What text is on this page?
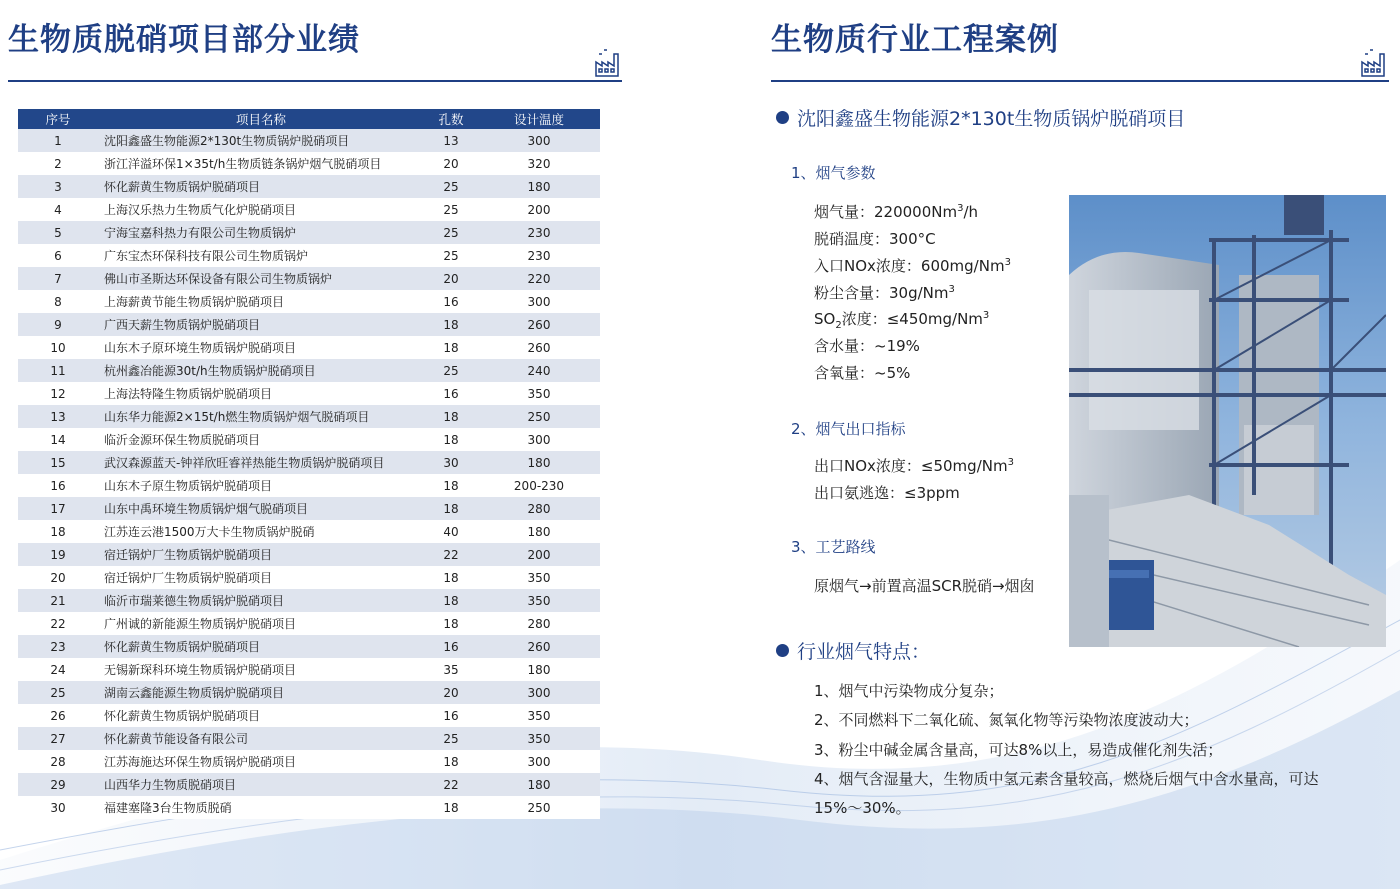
生物质脱硝项目部分业绩
序号	项目名称	孔数	设计温度
1	沈阳鑫盛生物能源2*130t生物质锅炉脱硝项目	13	300
2	浙江洋溢环保1×35t/h生物质链条锅炉烟气脱硝项目	20	320
3	怀化薪黄生物质锅炉脱硝项目	25	180
4	上海汉乐热力生物质气化炉脱硝项目	25	200
5	宁海宝嘉科热力有限公司生物质锅炉	25	230
6	广东宝杰环保科技有限公司生物质锅炉	25	230
7	佛山市圣斯达环保设备有限公司生物质锅炉	20	220
8	上海薪黄节能生物质锅炉脱硝项目	16	300
9	广西天薪生物质锅炉脱硝项目	18	260
10	山东木子原环境生物质锅炉脱硝项目	18	260
11	杭州鑫冶能源30t/h生物质锅炉脱硝项目	25	240
12	上海法特隆生物质锅炉脱硝项目	16	350
13	山东华力能源2×15t/h燃生物质锅炉烟气脱硝项目	18	250
14	临沂金源环保生物质脱硝项目	18	300
15	武汉森源蓝天-钟祥欣旺睿祥热能生物质锅炉脱硝项目	30	180
16	山东木子原生物质锅炉脱硝项目	18	200-230
17	山东中禹环境生物质锅炉烟气脱硝项目	18	280
18	江苏连云港1500万大卡生物质锅炉脱硝	40	180
19	宿迁锅炉厂生物质锅炉脱硝项目	22	200
20	宿迁锅炉厂生物质锅炉脱硝项目	18	350
21	临沂市瑞莱德生物质锅炉脱硝项目	18	350
22	广州诚的新能源生物质锅炉脱硝项目	18	280
23	怀化薪黄生物质锅炉脱硝项目	16	260
24	无锡新琛科环境生物质锅炉脱硝项目	35	180
25	湖南云鑫能源生物质锅炉脱硝项目	20	300
26	怀化薪黄生物质锅炉脱硝项目	16	350
27	怀化薪黄节能设备有限公司	25	350
28	江苏海施达环保生物质锅炉脱硝项目	18	300
29	山西华力生物质脱硝项目	22	180
30	福建塞隆3台生物质脱硝	18	250
生物质行业工程案例
沈阳鑫盛生物能源2*130t生物质锅炉脱硝项目
1、烟气参数
烟气量：220000Nm$^3$/h
脱硝温度：300°C
入口NOx浓度：600mg/Nm$^3$
粉尘含量：30g/Nm$^3$
$SO_2$浓度：$\le 450mg/Nm^3$
含水量：~19%
含氧量：~5%
2、烟气出口指标
出口NOx浓度：$\le 50mg/Nm^3$
出口氨逃逸：≤3ppm
3、工艺路线
原烟气→前置高温SCR脱硝→烟囱
行业烟气特点：
1、烟气中污染物成分复杂；
2、不同燃料下二氧化硫、氮氧化物等污染物浓度波动大；
3、粉尘中碱金属含量高，可达8%以上，易造成催化剂失活；
4、烟气含湿量大，生物质中氢元素含量较高，燃烧后烟气中含水量高，可达
15%～30%。
